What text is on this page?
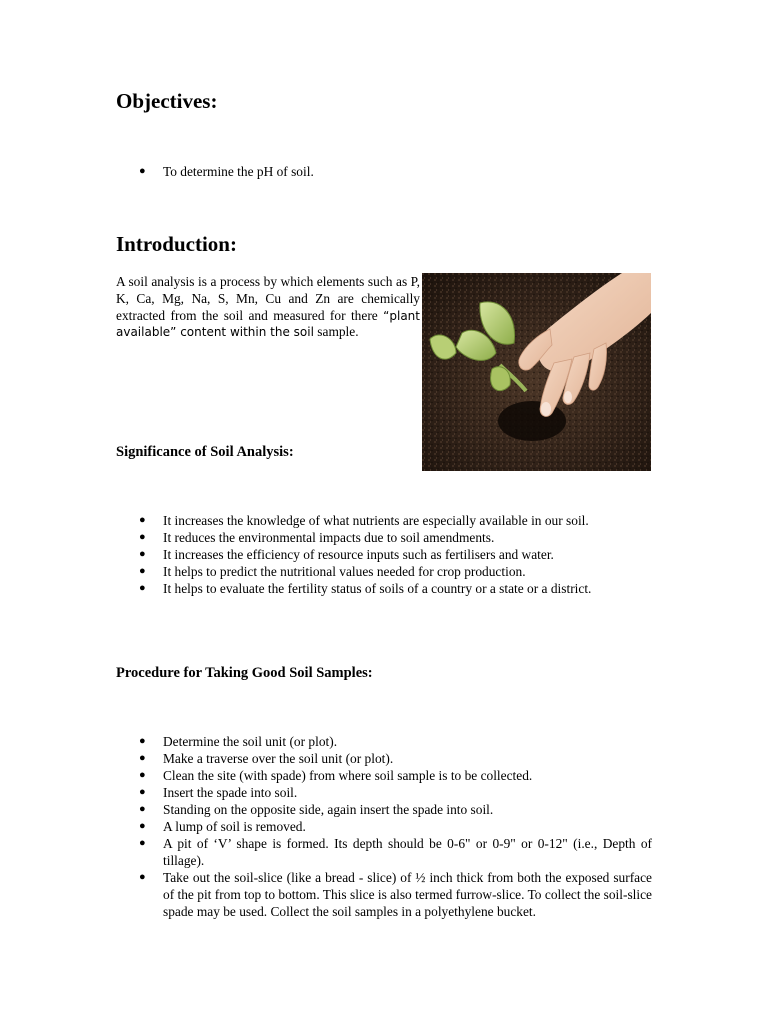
Objectives:
● To determine the pH of soil.
Introduction:

A soil analysis is a process by which elements such as P, K, Ca, Mg, Na, S, Mn, Cu and Zn are chemically extracted from the soil and measured for there “plant available” content within the soil sample.

Significance of Soil Analysis:
● It increases the knowledge of what nutrients are especially available in our soil.
● It reduces the environmental impacts due to soil amendments.
● It increases the efficiency of resource inputs such as fertilisers and water.
● It helps to predict the nutritional values needed for crop production.
● It helps to evaluate the fertility status of soils of a country or a state or a district.
Procedure for Taking Good Soil Samples:
● Determine the soil unit (or plot).
● Make a traverse over the soil unit (or plot).
● Clean the site (with spade) from where soil sample is to be collected.
● Insert the spade into soil.
● Standing on the opposite side, again insert the spade into soil.
● A lump of soil is removed.
● A pit of ‘V’ shape is formed. Its depth should be 0-6" or 0-9" or 0-12" (i.e., Depth of tillage).
● Take out the soil-slice (like a bread - slice) of ½ inch thick from both the exposed surface of the pit from top to bottom. This slice is also termed furrow-slice. To collect the soil-slice spade may be used. Collect the soil samples in a polyethylene bucket.
